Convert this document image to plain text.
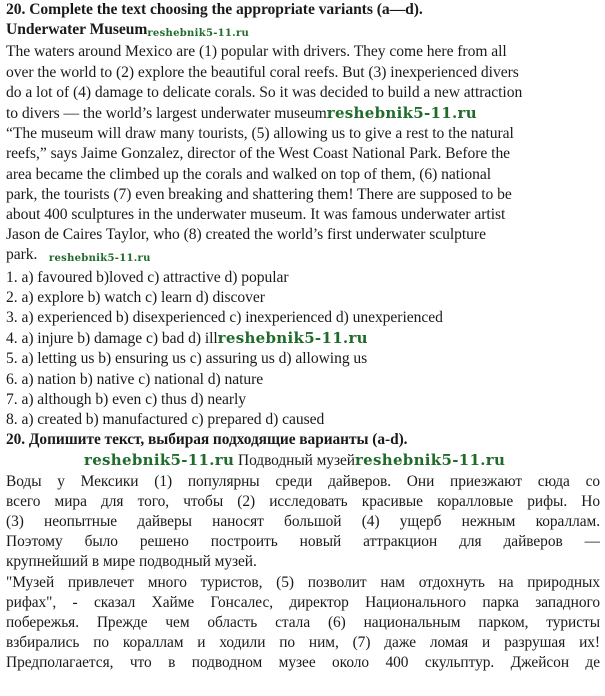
20. Complete the text choosing the appropriate variants (a—d).
Underwater Museumreshebnik5-11.ru
The waters around Mexico are (1) popular with drivers. They come here from all
over the world to (2) explore the beautiful coral reefs. But (3) inexperienced divers
do a lot of (4) damage to delicate corals. So it was decided to build a new attraction
to divers — the world’s largest underwater museumreshebnik5-11.ru
“The museum will draw many tourists, (5) allowing us to give a rest to the natural
reefs,” says Jaime Gonzalez, director of the West Coast National Park. Before the
area became the climbed up the corals and walked on top of them, (6) national
park, the tourists (7) even breaking and shattering them! There are supposed to be
about 400 sculptures in the underwater museum. It was famous underwater artist
Jason de Caires Taylor, who (8) created the world’s first underwater sculpture
park. reshebnik5-11.ru
1. a) favoured b)loved c) attractive d) popular
2. a) explore b) watch c) learn d) discover
3. a) experienced b) disexperienced c) inexperienced d) unexperienced
4. a) injure b) damage c) bad d) illreshebnik5-11.ru
5. a) letting us b) ensuring us c) assuring us d) allowing us
6. a) nation b) native c) national d) nature
7. a) although b) even c) thus d) nearly
8. a) created b) manufactured c) prepared d) caused
20. Допишите текст, выбирая подходящие варианты (a-d).
reshebnik5-11.ru Подводный музейreshebnik5-11.ru
Воды у Мексики (1) популярны среди дайверов. Они приезжают сюда со
всего мира для того, чтобы (2) исследовать красивые коралловые рифы. Но
(3) неопытные дайверы наносят большой (4) ущерб нежным кораллам.
Поэтому было решено построить новый аттракцион для дайверов —
крупнейший в мире подводный музей.
"Музей привлечет много туристов, (5) позволит нам отдохнуть на природных
рифах", - сказал Хайме Гонсалес, директор Национального парка западного
побережья. Прежде чем область стала (6) национальным парком, туристы
взбирались по кораллам и ходили по ним, (7) даже ломая и разрушая их!
Предполагается, что в подводном музее около 400 скульптур. Джейсон де
